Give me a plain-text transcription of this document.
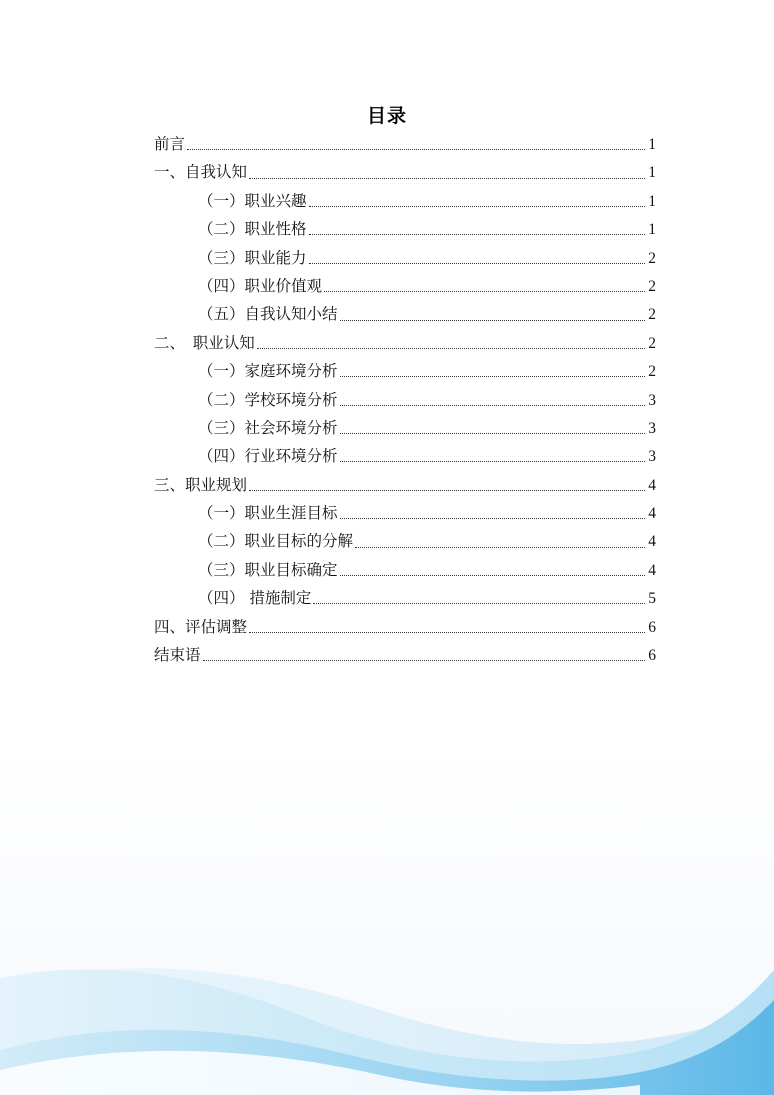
目录
前言	1
一、自我认知	1
（一）职业兴趣	1
（二）职业性格	1
（三）职业能力	2
（四）职业价值观	2
（五）自我认知小结	2
二、　职业认知	2
（一）家庭环境分析	2
（二）学校环境分析	3
（三）社会环境分析	3
（四）行业环境分析	3
三、职业规划	4
（一）职业生涯目标	4
（二）职业目标的分解	4
（三）职业目标确定	4
（四） 措施制定	5
四、评估调整	6
结束语	6
